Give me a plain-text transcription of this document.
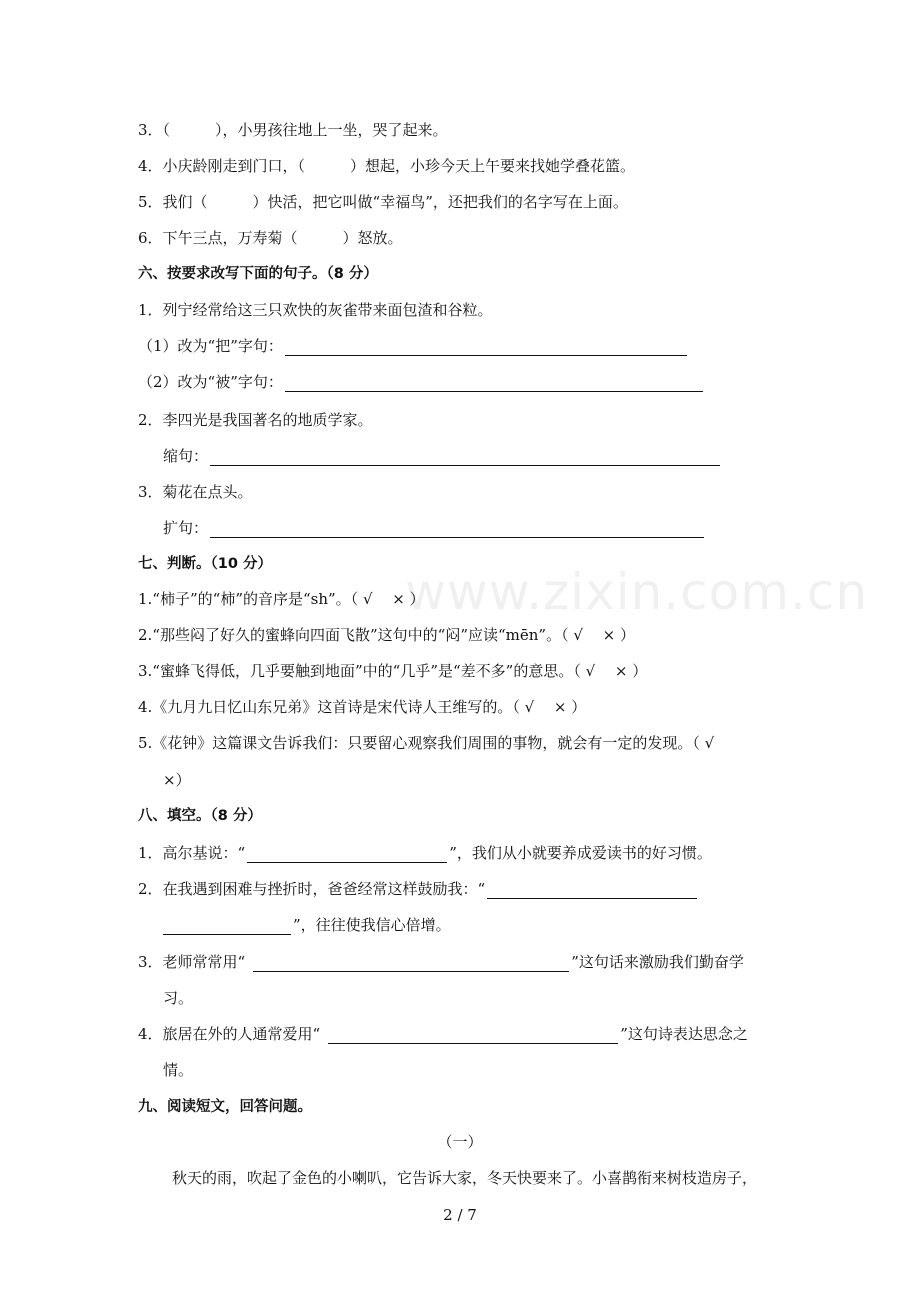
www.zixin.com.cn
3．（　　　），小男孩往地上一坐，哭了起来。
4．小庆龄刚走到门口，（　　　）想起，小珍今天上午要来找她学叠花篮。
5．我们（　　　）快活，把它叫做“幸福鸟”，还把我们的名字写在上面。
6．下午三点，万寿菊（　　　）怒放。
六、按要求改写下面的句子。（8 分）
1．列宁经常给这三只欢快的灰雀带来面包渣和谷粒。
（1）改为“把”字句：
（2）改为“被”字句：
2．李四光是我国著名的地质学家。
缩句：
3．菊花在点头。
扩句：
七、判断。（10 分）
1.“柿子”的“柿”的音序是“sh”。（ √　 × ）
2.“那些闷了好久的蜜蜂向四面飞散”这句中的“闷”应读“mēn”。（ √　 × ）
3.“蜜蜂飞得低，几乎要触到地面”中的“几乎”是“差不多”的意思。（ √　 × ）
4.《九月九日忆山东兄弟》这首诗是宋代诗人王维写的。（ √　 × ）
5.《花钟》这篇课文告诉我们：只要留心观察我们周围的事物，就会有一定的发现。（ √
×）
八、填空。（8 分）
1．高尔基说：“	”，我们从小就要养成爱读书的好习惯。
2．在我遇到困难与挫折时，爸爸经常这样鼓励我：“
”，往往使我信心倍增。
3．老师常常用“	”这句话来激励我们勤奋学
习。
4．旅居在外的人通常爱用“	”这句诗表达思念之
情。
九、阅读短文，回答问题。
（一）
秋天的雨，吹起了金色的小喇叭，它告诉大家，冬天快要来了。小喜鹊衔来树枝造房子，
2 / 7
